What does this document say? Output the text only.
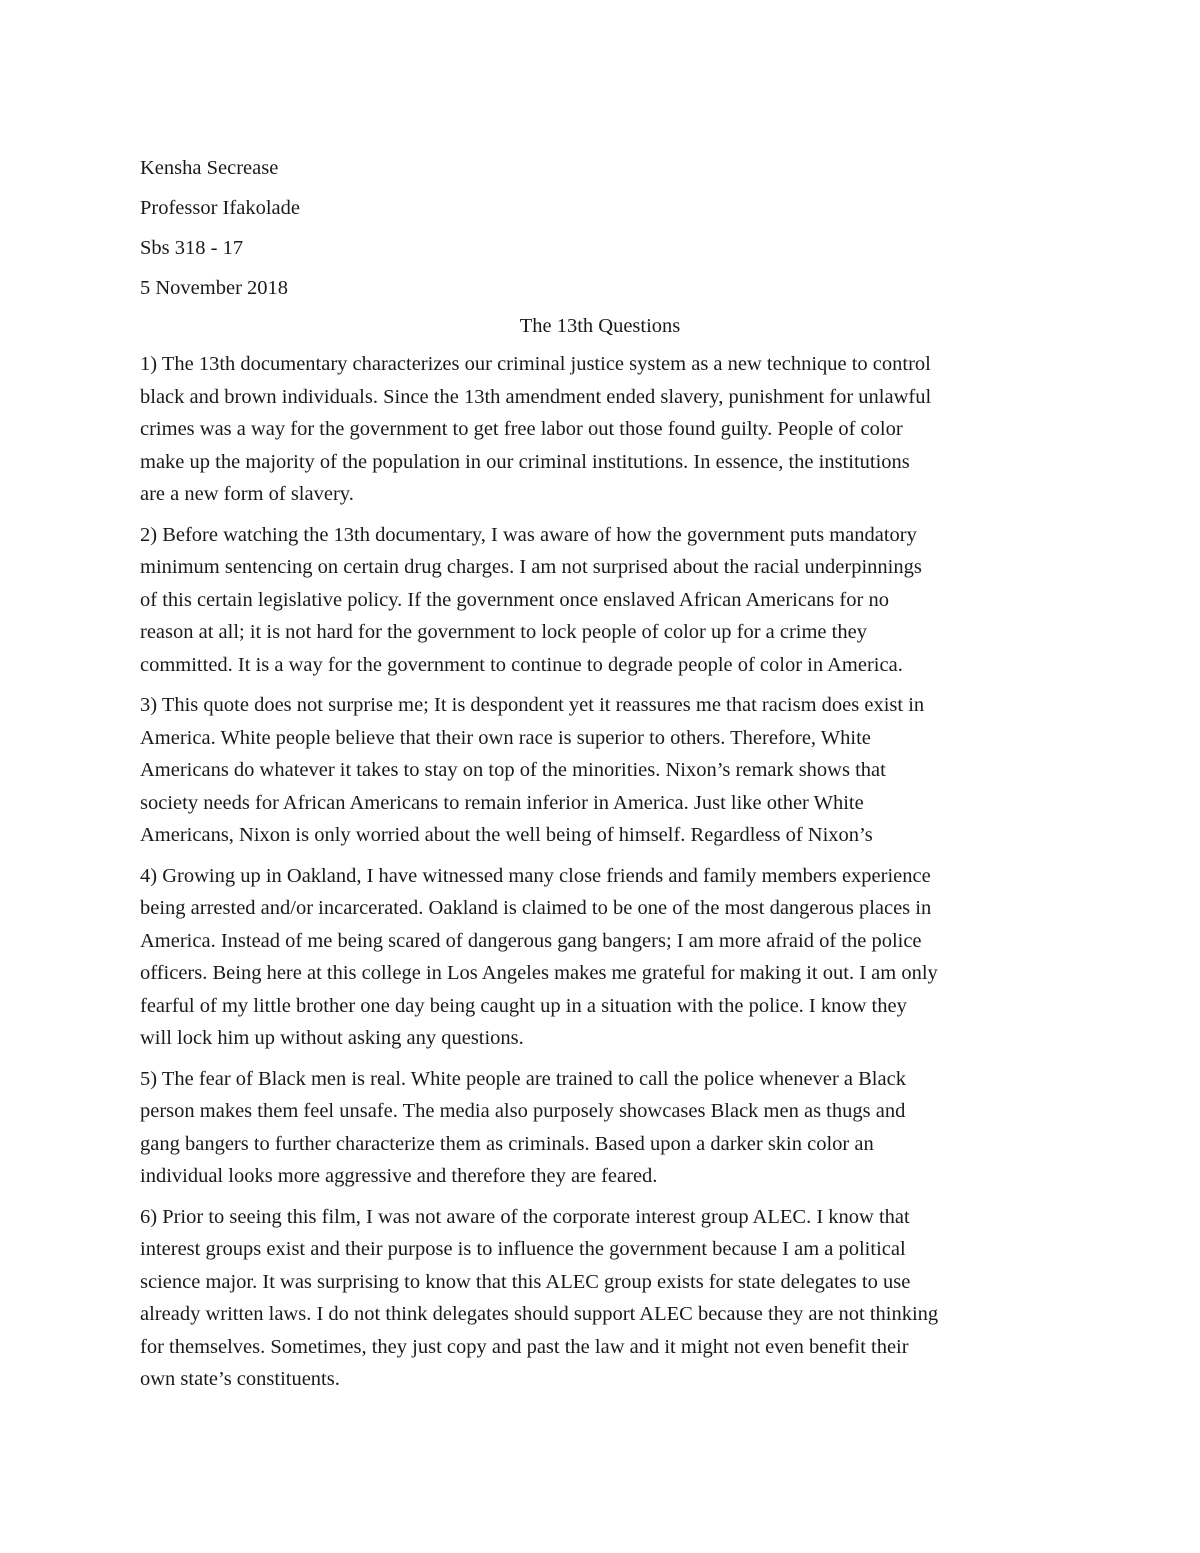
Kensha Secrease
Professor Ifakolade
Sbs 318 - 17
5 November 2018
The 13th Questions

1) The 13th documentary characterizes our criminal justice system as a new technique to control
black and brown individuals. Since the 13th amendment ended slavery, punishment for unlawful
crimes was a way for the government to get free labor out those found guilty. People of color
make up the majority of the population in our criminal institutions. In essence, the institutions
are a new form of slavery.

2) Before watching the 13th documentary, I was aware of how the government puts mandatory
minimum sentencing on certain drug charges. I am not surprised about the racial underpinnings
of this certain legislative policy. If the government once enslaved African Americans for no
reason at all; it is not hard for the government to lock people of color up for a crime they
committed. It is a way for the government to continue to degrade people of color in America.

3) This quote does not surprise me; It is despondent yet it reassures me that racism does exist in
America. White people believe that their own race is superior to others. Therefore, White
Americans do whatever it takes to stay on top of the minorities. Nixon’s remark shows that
society needs for African Americans to remain inferior in America. Just like other White
Americans, Nixon is only worried about the well being of himself. Regardless of Nixon’s

4) Growing up in Oakland, I have witnessed many close friends and family members experience
being arrested and/or incarcerated. Oakland is claimed to be one of the most dangerous places in
America. Instead of me being scared of dangerous gang bangers; I am more afraid of the police
officers. Being here at this college in Los Angeles makes me grateful for making it out. I am only
fearful of my little brother one day being caught up in a situation with the police. I know they
will lock him up without asking any questions.

5) The fear of Black men is real. White people are trained to call the police whenever a Black
person makes them feel unsafe. The media also purposely showcases Black men as thugs and
gang bangers to further characterize them as criminals. Based upon a darker skin color an
individual looks more aggressive and therefore they are feared.

6) Prior to seeing this film, I was not aware of the corporate interest group ALEC. I know that
interest groups exist and their purpose is to influence the government because I am a political
science major. It was surprising to know that this ALEC group exists for state delegates to use
already written laws. I do not think delegates should support ALEC because they are not thinking
for themselves. Sometimes, they just copy and past the law and it might not even benefit their
own state’s constituents.
